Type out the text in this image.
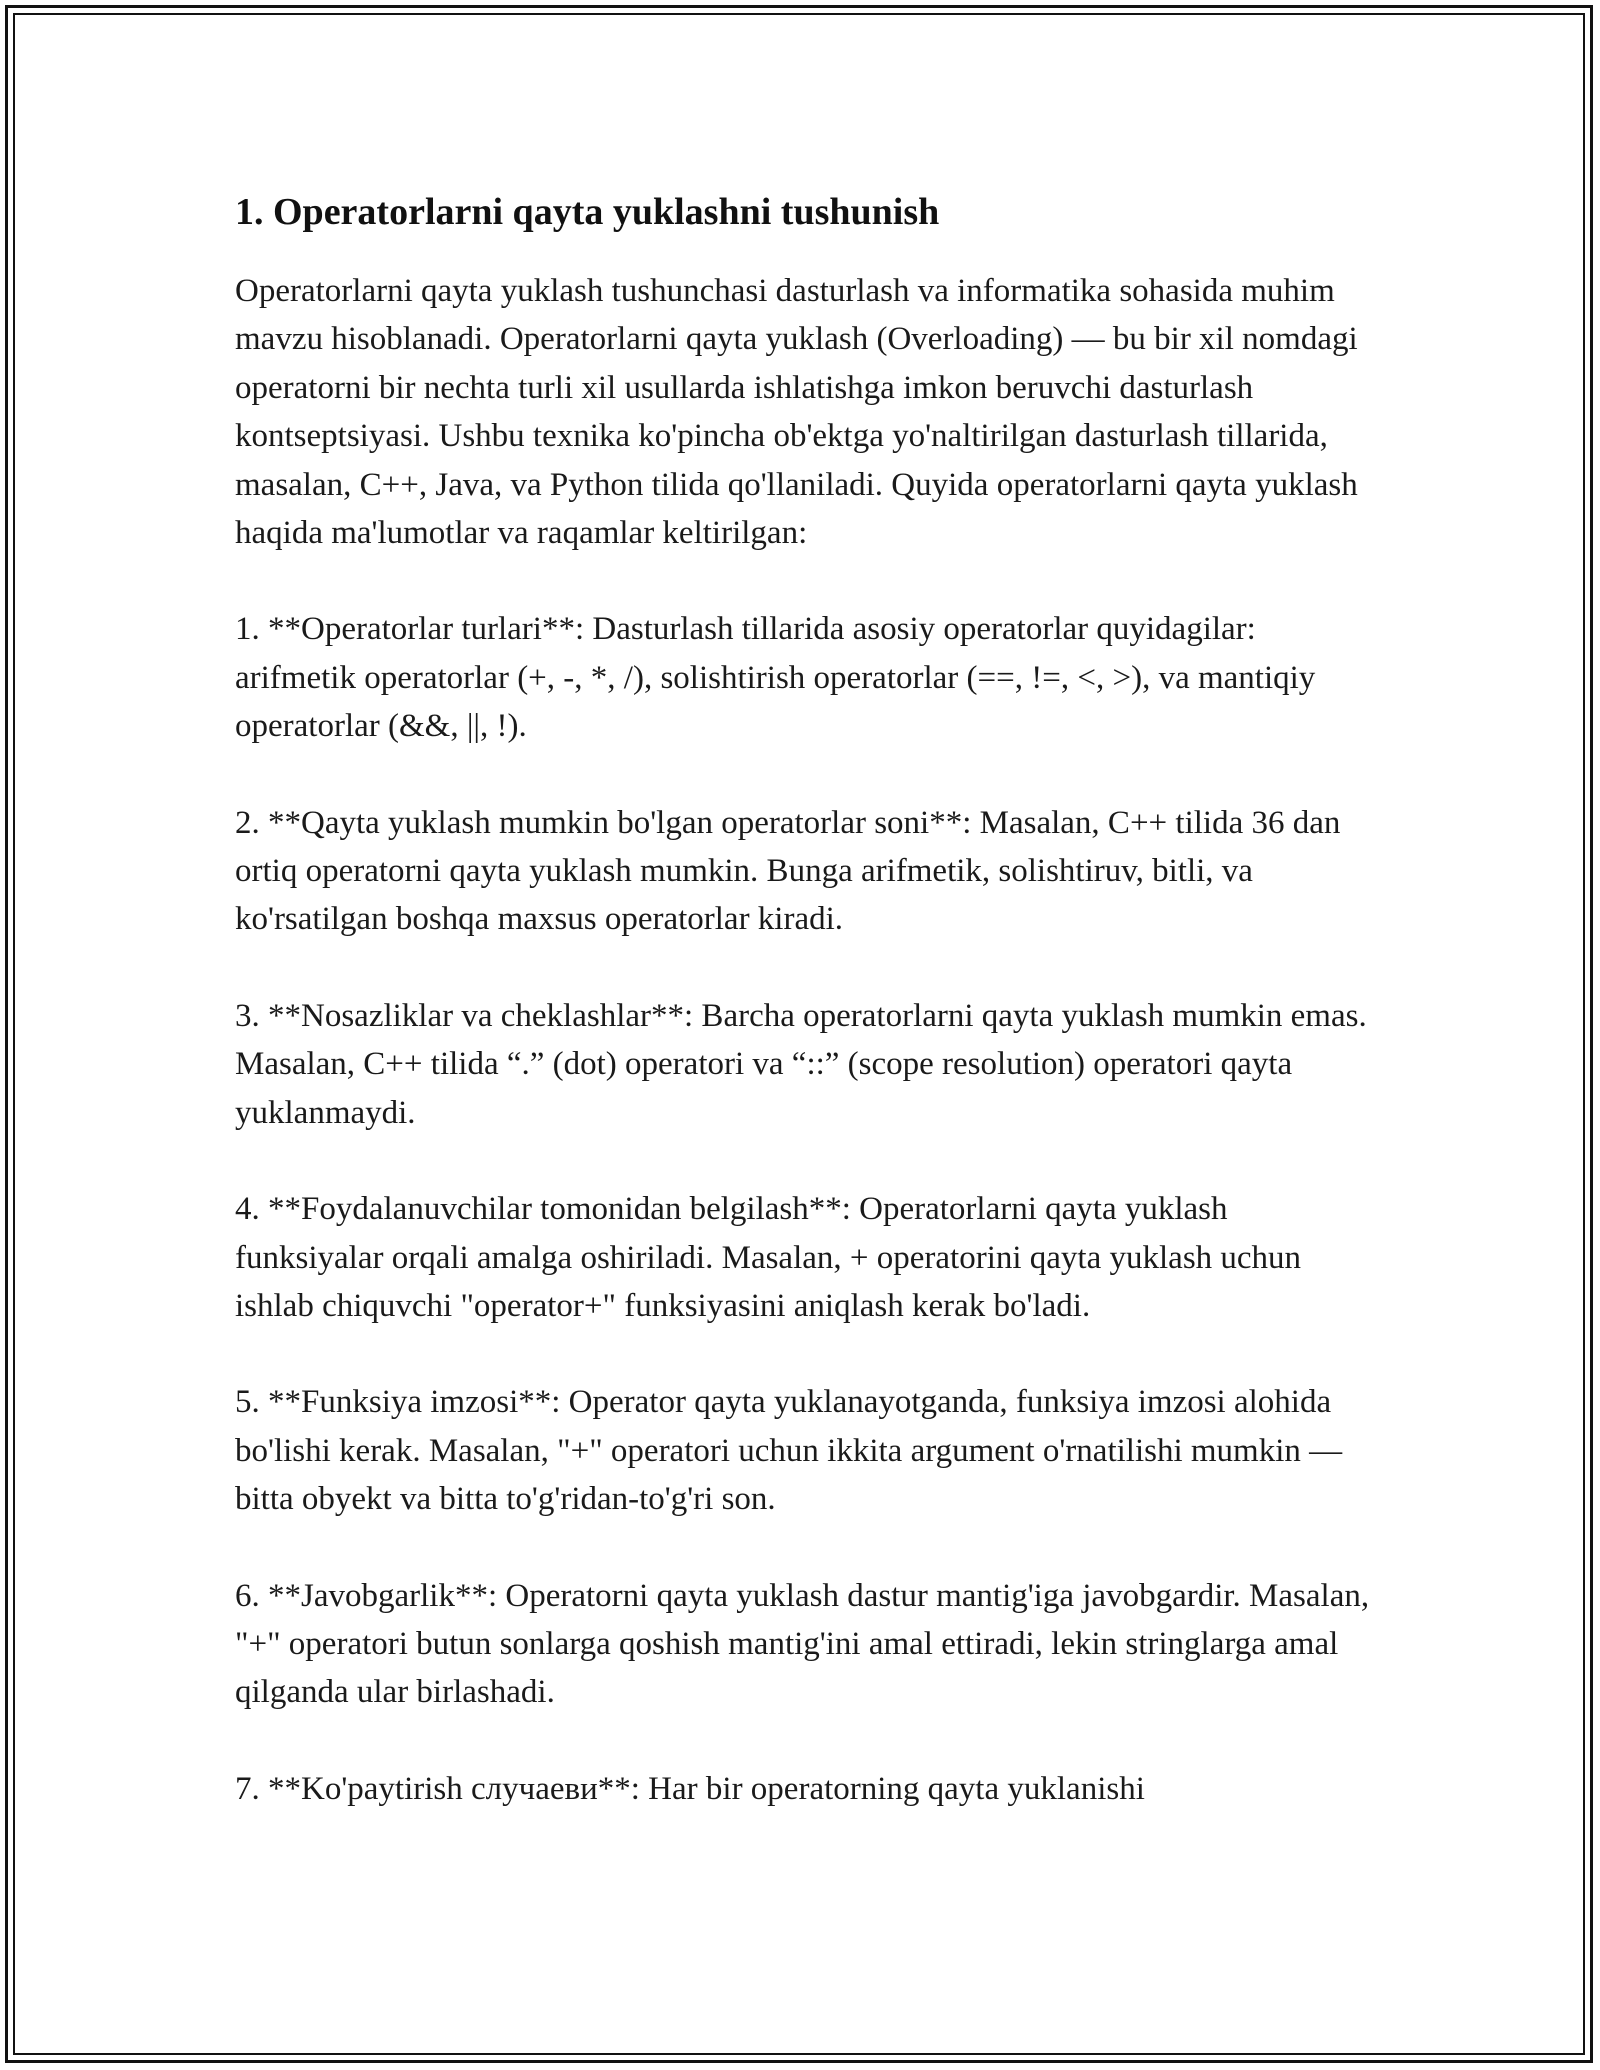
1. Operatorlarni qayta yuklashni tushunish

Operatorlarni qayta yuklash tushunchasi dasturlash va informatika sohasida muhim mavzu hisoblanadi. Operatorlarni qayta yuklash (Overloading) — bu bir xil nomdagi operatorni bir nechta turli xil usullarda ishlatishga imkon beruvchi dasturlash kontseptsiyasi. Ushbu texnika ko'pincha ob'ektga yo'naltirilgan dasturlash tillarida, masalan, C++, Java, va Python tilida qo'llaniladi. Quyida operatorlarni qayta yuklash haqida ma'lumotlar va raqamlar keltirilgan:

1. **Operatorlar turlari**: Dasturlash tillarida asosiy operatorlar quyidagilar: arifmetik operatorlar (+, -, *, /), solishtirish operatorlar (==, !=, <, >), va mantiqiy operatorlar (&&, ||, !).

2. **Qayta yuklash mumkin bo'lgan operatorlar soni**: Masalan, C++ tilida 36 dan ortiq operatorni qayta yuklash mumkin. Bunga arifmetik, solishtiruv, bitli, va ko'rsatilgan boshqa maxsus operatorlar kiradi.

3. **Nosazliklar va cheklashlar**: Barcha operatorlarni qayta yuklash mumkin emas. Masalan, C++ tilida “.” (dot) operatori va “::” (scope resolution) operatori qayta yuklanmaydi.

4. **Foydalanuvchilar tomonidan belgilash**: Operatorlarni qayta yuklash funksiyalar orqali amalga oshiriladi. Masalan, + operatorini qayta yuklash uchun ishlab chiquvchi "operator+" funksiyasini aniqlash kerak bo'ladi.

5. **Funksiya imzosi**: Operator qayta yuklanayotganda, funksiya imzosi alohida bo'lishi kerak. Masalan, "+" operatori uchun ikkita argument o'rnatilishi mumkin — bitta obyekt va bitta to'g'ridan-to'g'ri son.

6. **Javobgarlik**: Operatorni qayta yuklash dastur mantig'iga javobgardir. Masalan, "+" operatori butun sonlarga qoshish mantig'ini amal ettiradi, lekin stringlarga amal qilganda ular birlashadi.

7. **Ko'paytirish случаеви**: Har bir operatorning qayta yuklanishi
